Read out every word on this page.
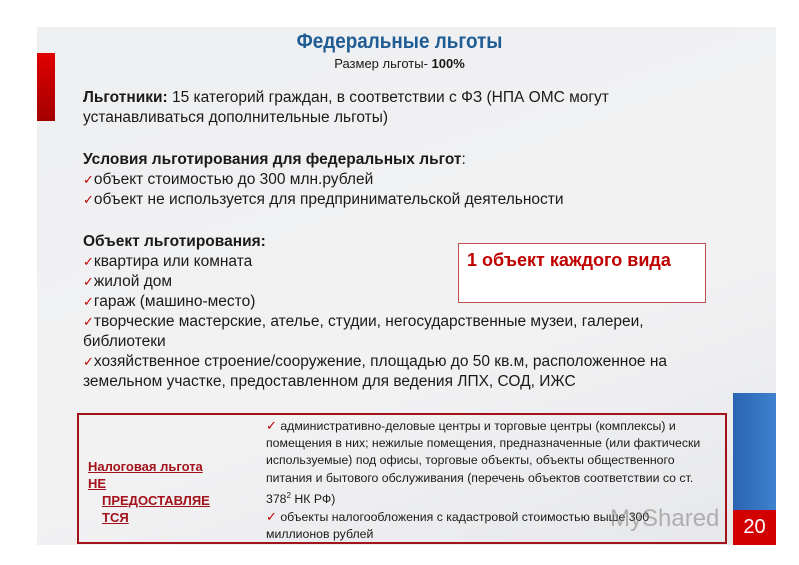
20
Федеральные льготы
Размер льготы- 100%
Льготники: 15 категорий граждан, в соответствии с ФЗ (НПА ОМС могут
устанавливаться дополнительные льготы)
Условия льготирования для федеральных льгот:
✓объект стоимостью до 300 млн.рублей
✓объект не используется для предпринимательской деятельности
Объект льготирования:
✓квартира или комната
✓жилой дом
✓гараж (машино-место)
✓творческие мастерские, ателье, студии, негосударственные музеи, галереи,
библиотеки
✓хозяйственное строение/сооружение, площадью до 50 кв.м, расположенное на
земельном участке, предоставленном для ведения ЛПХ, СОД, ИЖС
1 объект каждого вида
Налоговая льгота
НЕ
ПРЕДОСТАВЛЯЕ
ТСЯ
✓ административно-деловые центры и торговые центры (комплексы) и помещения в них; нежилые помещения, предназначенные (или фактически используемые) под офисы, торговые объекты, объекты общественного питания и бытового обслуживания (перечень объектов соответствии со ст. $378^2$ НК РФ)
✓ объекты налогообложения с кадастровой стоимостью выше 300 миллионов рублей
MyShared
